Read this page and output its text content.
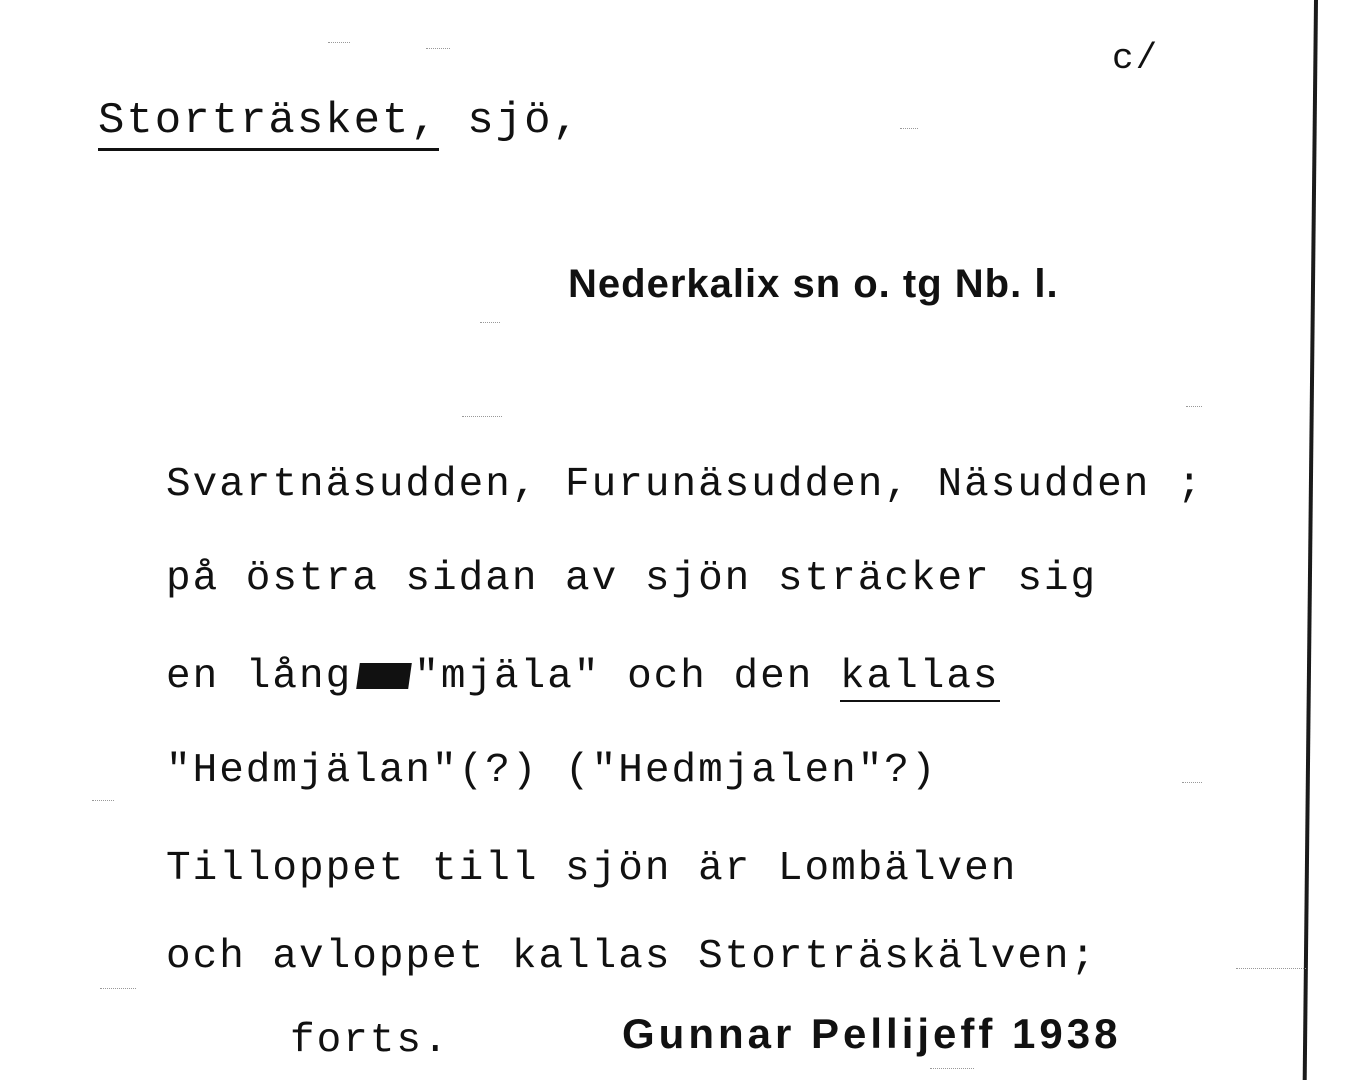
c/
Storträsket, sjö,
Nederkalix sn o. tg Nb. l.
Svartnäsudden, Furunäsudden, Näsudden ;
på östra sidan av sjön sträcker sig
en lång "mjäla" och den kallas
"Hedmjälan"(?) ("Hedmjalen"?)
Tilloppet till sjön är Lombälven
och avloppet kallas Storträskälven;
forts.	Gunnar Pellijeff 1938
